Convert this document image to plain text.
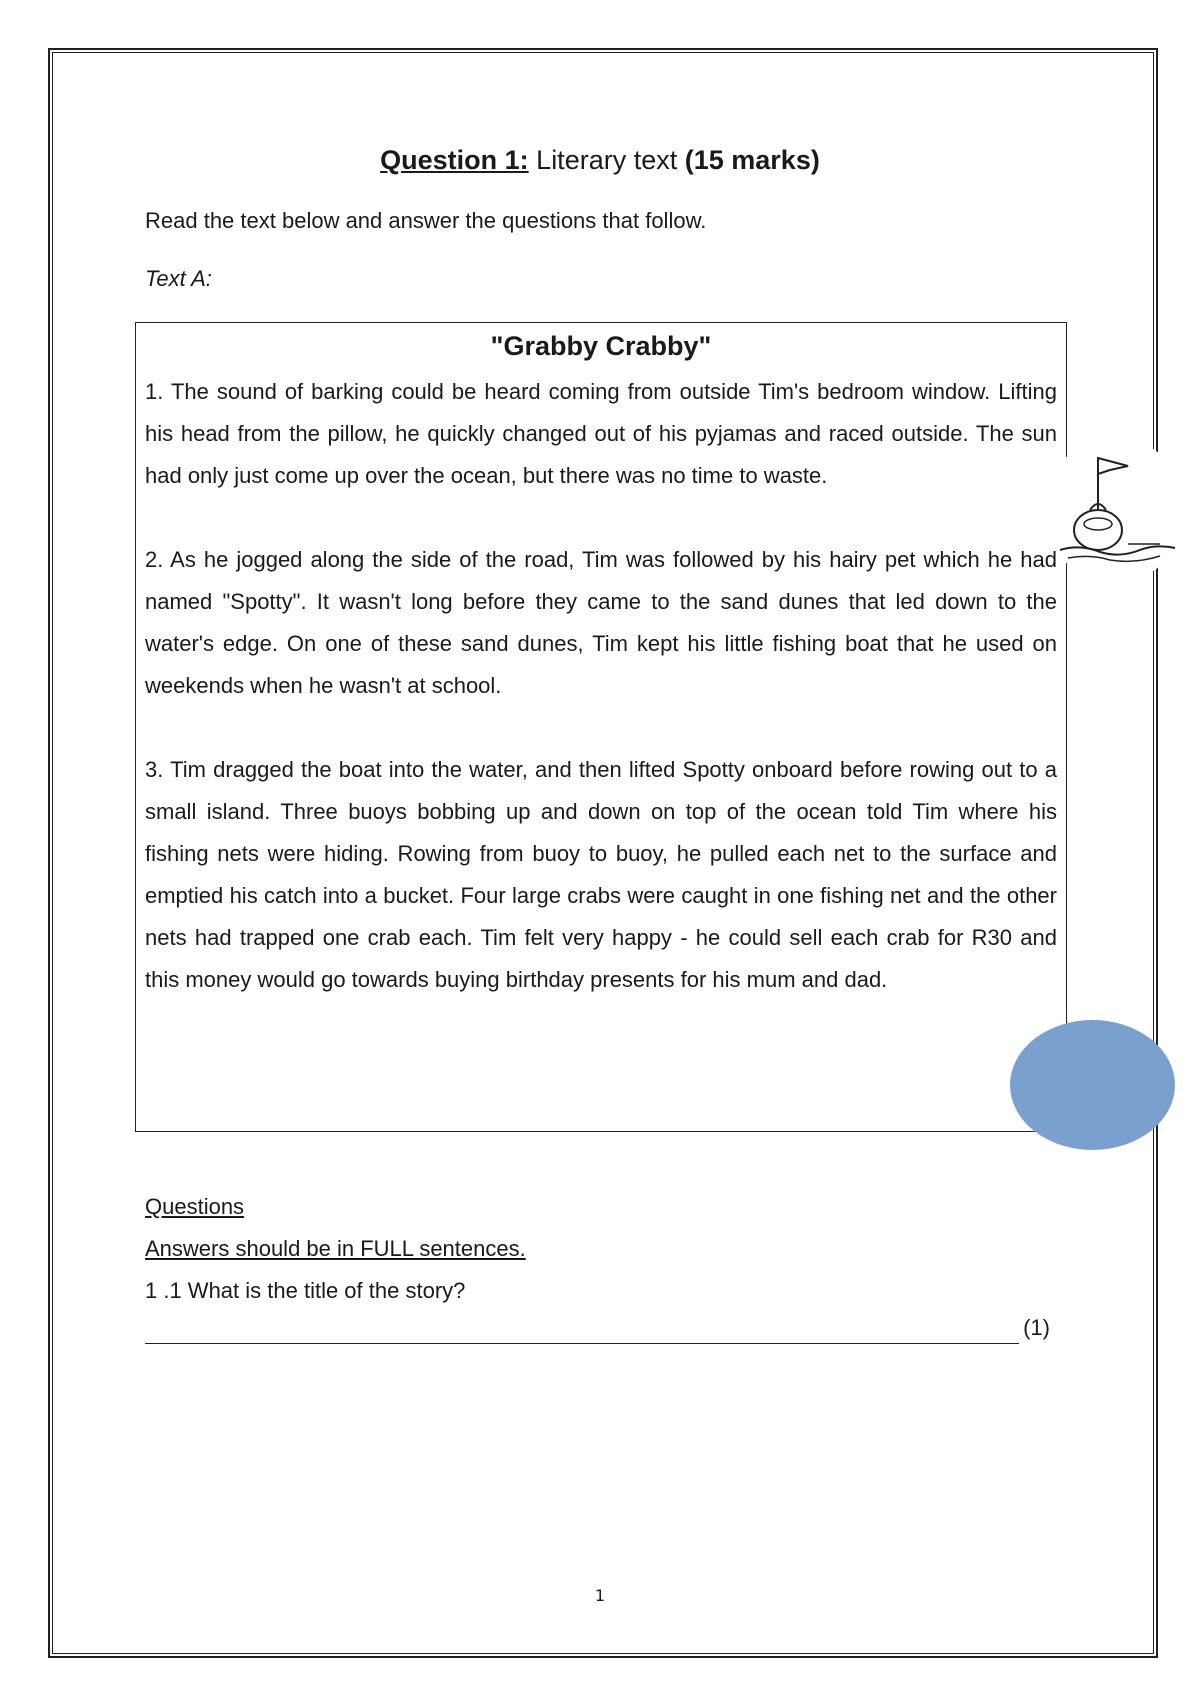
Question 1: Literary text (15 marks)
Read the text below and answer the questions that follow.
Text A:
"Grabby Crabby"

1. The sound of barking could be heard coming from outside Tim's bedroom window. Lifting his head from the pillow, he quickly changed out of his pyjamas and raced outside. The sun had only just come up over the ocean, but there was no time to waste.

2. As he jogged along the side of the road, Tim was followed by his hairy pet which he had named "Spotty". It wasn't long before they came to the sand dunes that led down to the water's edge. On one of these sand dunes, Tim kept his little fishing boat that he used on weekends when he wasn't at school.

3. Tim dragged the boat into the water, and then lifted Spotty onboard before rowing out to a small island. Three buoys bobbing up and down on top of the ocean told Tim where his fishing nets were hiding. Rowing from buoy to buoy, he pulled each net to the surface and emptied his catch into a bucket. Four large crabs were caught in one fishing net and the other nets had trapped one crab each. Tim felt very happy - he could sell each crab for R30 and this money would go towards buying birthday presents for his mum and dad.

Questions
Answers should be in FULL sentences.
1 .1 What is the title of the story?
(1)
1
